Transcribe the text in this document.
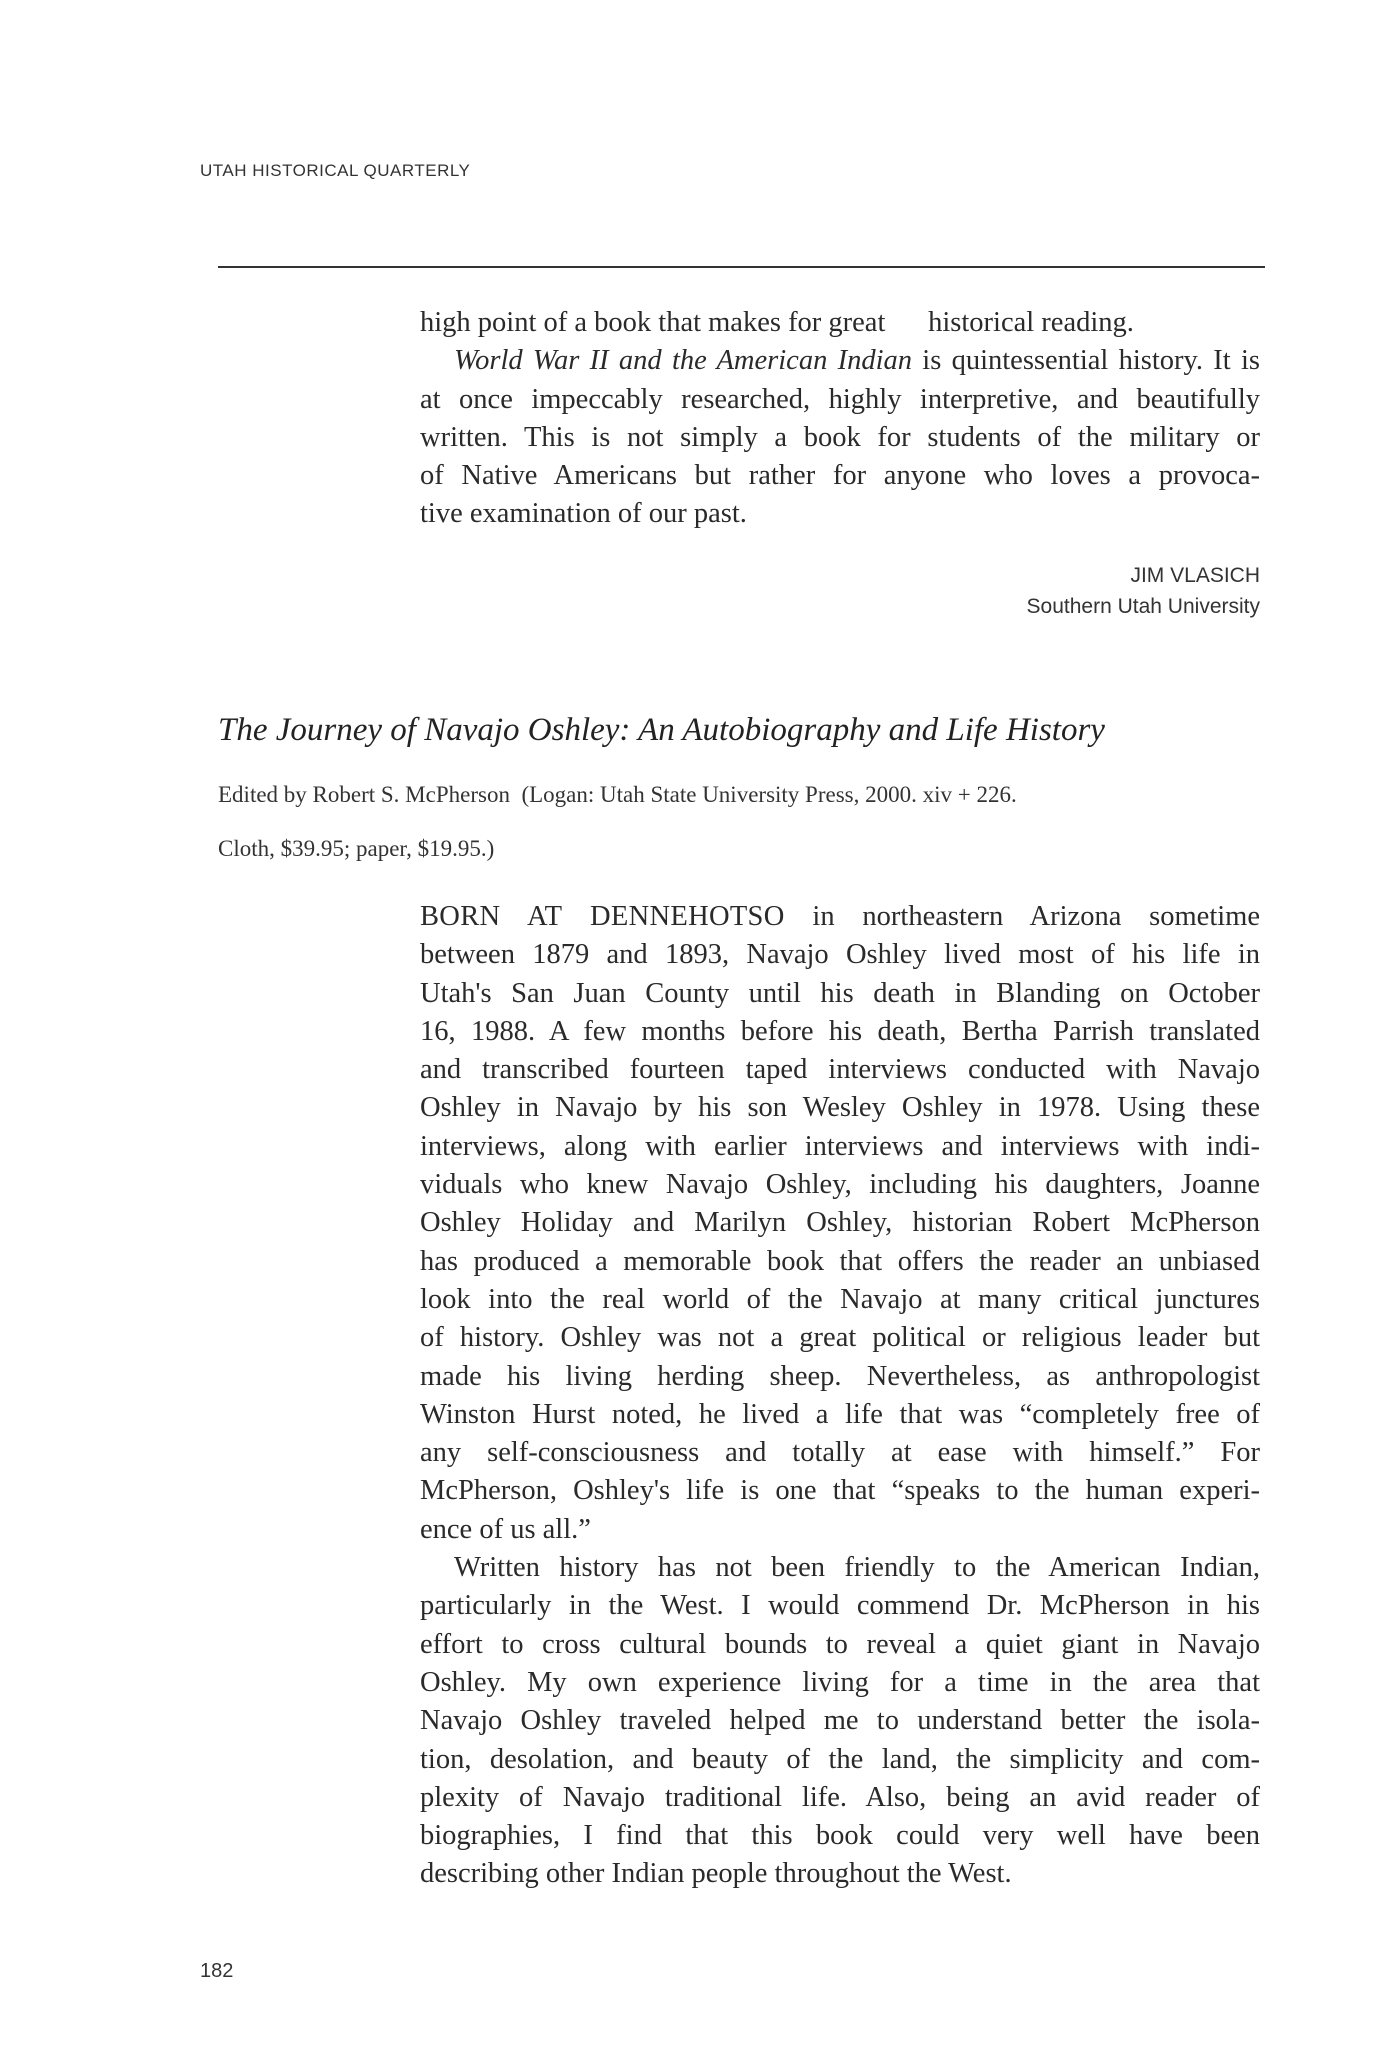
UTAH HISTORICAL QUARTERLY
high point of a book that makes for great      historical reading.
World War II and the American Indian is quintessential history. It is
at once impeccably researched, highly interpretive, and beautifully
written. This is not simply a book for students of the military or
of Native Americans but rather for anyone who loves a provoca-
tive examination of our past.
JIM VLASICH
Southern Utah University
The Journey of Navajo Oshley: An Autobiography and Life History
Edited by Robert S. McPherson  (Logan: Utah State University Press, 2000. xiv + 226.
Cloth, $39.95; paper, $19.95.)
BORN AT DENNEHOTSO in northeastern Arizona sometime
between 1879 and 1893, Navajo Oshley lived most of his life in
Utah's San Juan County until his death in Blanding on October
16, 1988. A few months before his death, Bertha Parrish translated
and transcribed fourteen taped interviews conducted with Navajo
Oshley in Navajo by his son Wesley Oshley in 1978. Using these
interviews, along with earlier interviews and interviews with indi-
viduals who knew Navajo Oshley, including his daughters, Joanne
Oshley Holiday and Marilyn Oshley, historian Robert McPherson
has produced a memorable book that offers the reader an unbiased
look into the real world of the Navajo at many critical junctures
of history. Oshley was not a great political or religious leader but
made his living herding sheep. Nevertheless, as anthropologist
Winston Hurst noted, he lived a life that was “completely free of
any self-consciousness and totally at ease with himself.” For
McPherson, Oshley's life is one that “speaks to the human experi-
ence of us all.”
Written history has not been friendly to the American Indian,
particularly in the West. I would commend Dr. McPherson in his
effort to cross cultural bounds to reveal a quiet giant in Navajo
Oshley. My own experience living for a time in the area that
Navajo Oshley traveled helped me to understand better the isola-
tion, desolation, and beauty of the land, the simplicity and com-
plexity of Navajo traditional life. Also, being an avid reader of
biographies, I find that this book could very well have been
describing other Indian people throughout the West.
182
